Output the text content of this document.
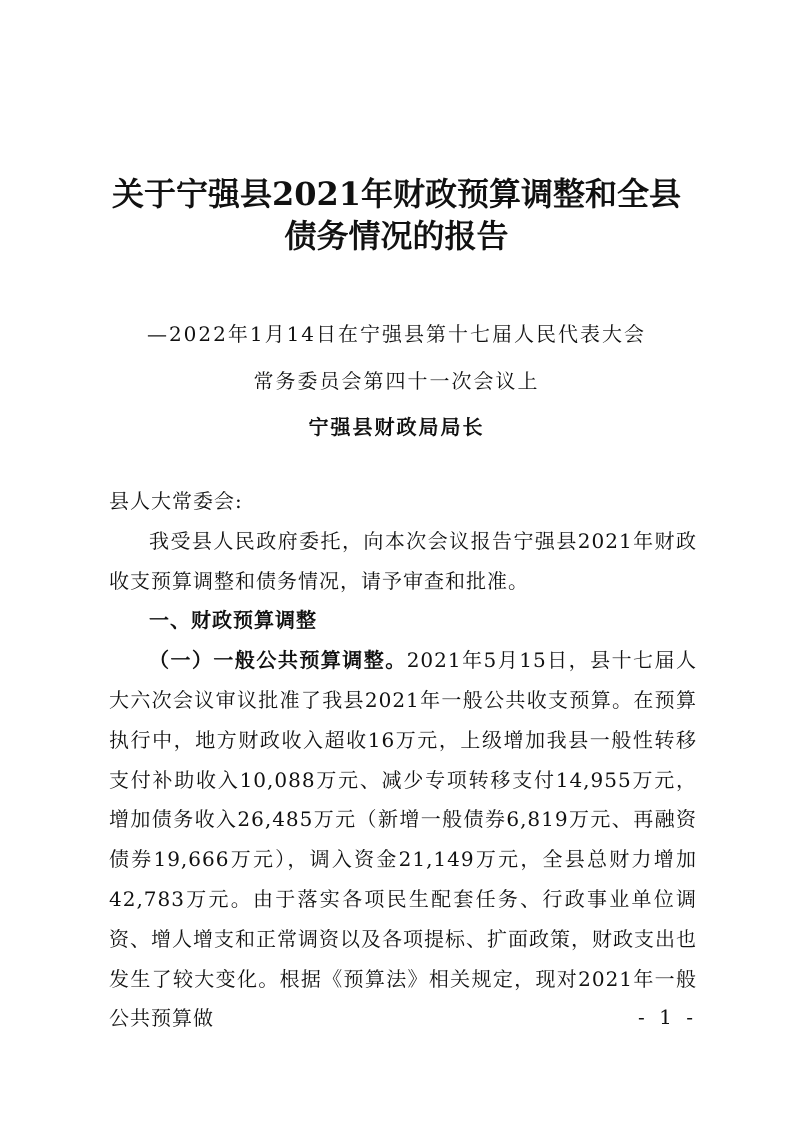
关于宁强县2021年财政预算调整和全县
债务情况的报告
—2022年1月14日在宁强县第十七届人民代表大会
常务委员会第四十一次会议上
宁强县财政局局长

县人大常委会:

我受县人民政府委托，向本次会议报告宁强县2021年财政收支预算调整和债务情况，请予审查和批准。

一、财政预算调整

（一）一般公共预算调整。2021年5月15日，县十七届人大六次会议审议批准了我县2021年一般公共收支预算。在预算执行中，地方财政收入超收16万元，上级增加我县一般性转移支付补助收入10,088万元、减少专项转移支付14,955万元，增加债务收入26,485万元（新增一般债券6,819万元、再融资债券19,666万元），调入资金21,149万元，全县总财力增加42,783万元。由于落实各项民生配套任务、行政事业单位调资、增人增支和正常调资以及各项提标、扩面政策，财政支出也发生了较大变化。根据《预算法》相关规定，现对2021年一般公共预算做	- 1 -
